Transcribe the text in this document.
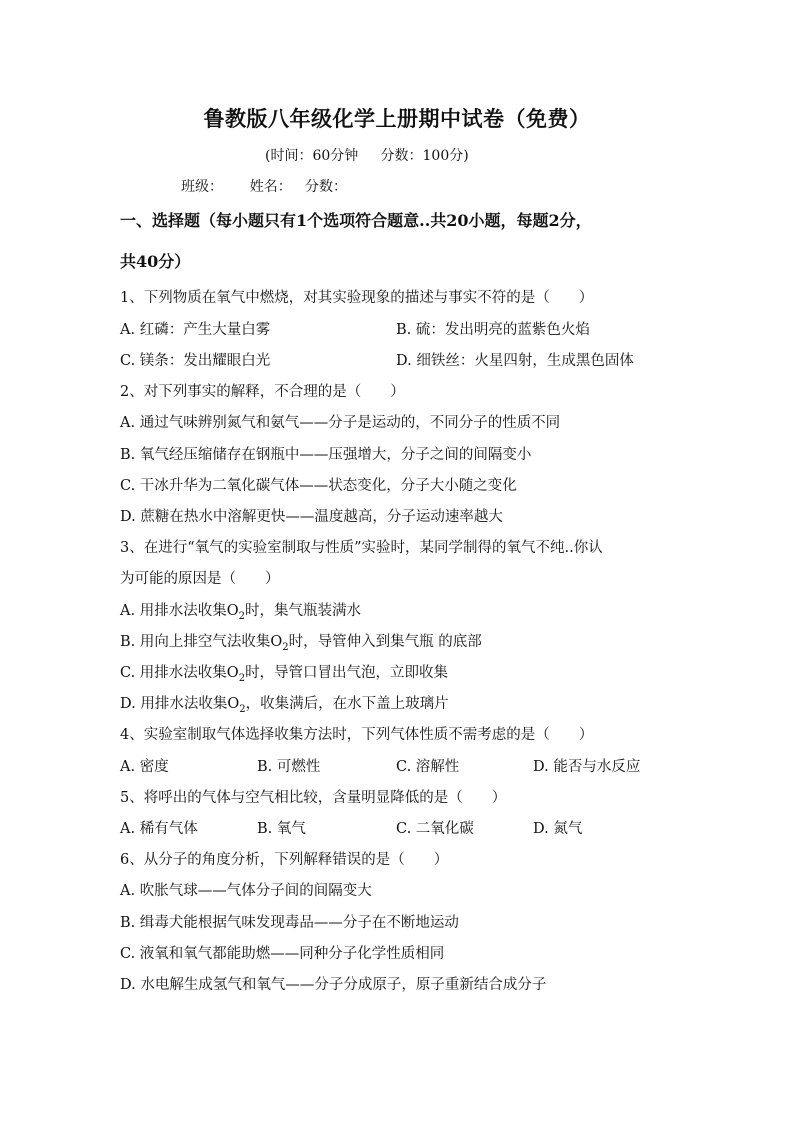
鲁教版八年级化学上册期中试卷（免费）
(时间：60分钟     分数：100分)
班级：      姓名：   分数：
一、选择题（每小题只有1个选项符合题意..共20小题，每题2分，
共40分）
1、下列物质在氧气中燃烧，对其实验现象的描述与事实不符的是（　　）
A. 红磷：产生大量白雾	B. 硫：发出明亮的蓝紫色火焰
C. 镁条：发出耀眼白光	D. 细铁丝：火星四射，生成黑色固体
2、对下列事实的解释，不合理的是（　　）
A. 通过气味辨别氮气和氨气——分子是运动的，不同分子的性质不同
B. 氧气经压缩储存在钢瓶中——压强增大，分子之间的间隔变小
C. 干冰升华为二氧化碳气体——状态变化，分子大小随之变化
D. 蔗糖在热水中溶解更快——温度越高，分子运动速率越大
3、在进行“氧气的实验室制取与性质”实验时，某同学制得的氧气不纯..你认
为可能的原因是（　　）
A. 用排水法收集$O_2$时，集气瓶装满水
B. 用向上排空气法收集$O_2$时，导管伸入到集气瓶 的底部
C. 用排水法收集$O_2$时，导管口冒出气泡，立即收集
D. 用排水法收集$O_2$，收集满后，在水下盖上玻璃片
4、实验室制取气体选择收集方法时，下列气体性质不需考虑的是（　　）
A. 密度	B. 可燃性	C. 溶解性	D. 能否与水反应
5、将呼出的气体与空气相比较，含量明显降低的是（　　）
A. 稀有气体	B. 氧气	C. 二氧化碳	D. 氮气
6、从分子的角度分析，下列解释错误的是（　　）
A. 吹胀气球——气体分子间的间隔变大
B. 缉毒犬能根据气味发现毒品——分子在不断地运动
C. 液氧和氧气都能助燃——同种分子化学性质相同
D. 水电解生成氢气和氧气——分子分成原子，原子重新结合成分子
